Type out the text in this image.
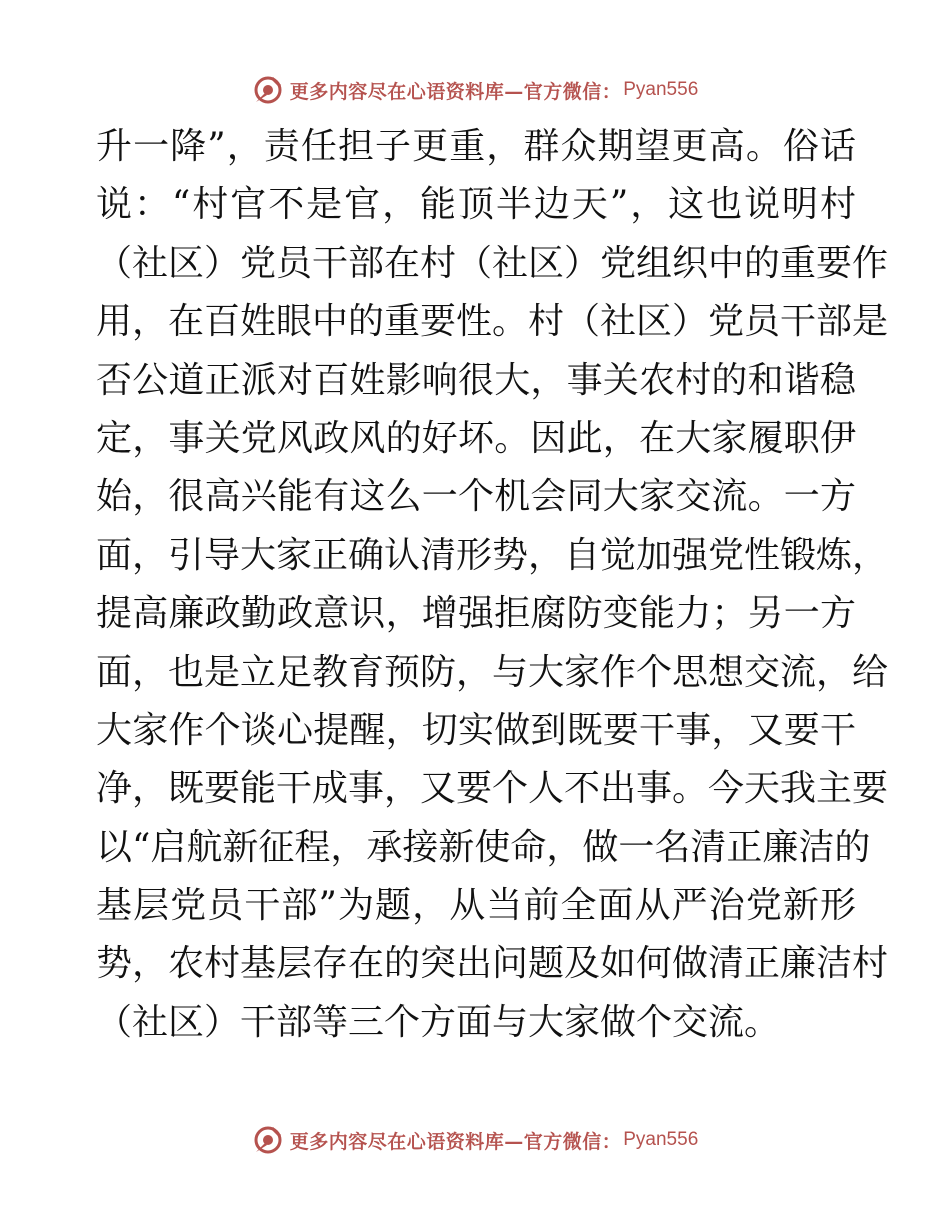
更多内容尽在心语资料库—官方微信： Pyan556
升一降”，责任担子更重，群众期望更高。俗话
说：“村官不是官，能顶半边天”，这也说明村
（社区）党员干部在村（社区）党组织中的重要作
用，在百姓眼中的重要性。村（社区）党员干部是
否公道正派对百姓影响很大，事关农村的和谐稳
定，事关党风政风的好坏。因此，在大家履职伊
始，很高兴能有这么一个机会同大家交流。一方
面，引导大家正确认清形势，自觉加强党性锻炼，
提高廉政勤政意识，增强拒腐防变能力；另一方
面，也是立足教育预防，与大家作个思想交流，给
大家作个谈心提醒，切实做到既要干事，又要干
净，既要能干成事，又要个人不出事。今天我主要
以“启航新征程，承接新使命，做一名清正廉洁的
基层党员干部”为题，从当前全面从严治党新形
势，农村基层存在的突出问题及如何做清正廉洁村
（社区）干部等三个方面与大家做个交流。
更多内容尽在心语资料库—官方微信： Pyan556
